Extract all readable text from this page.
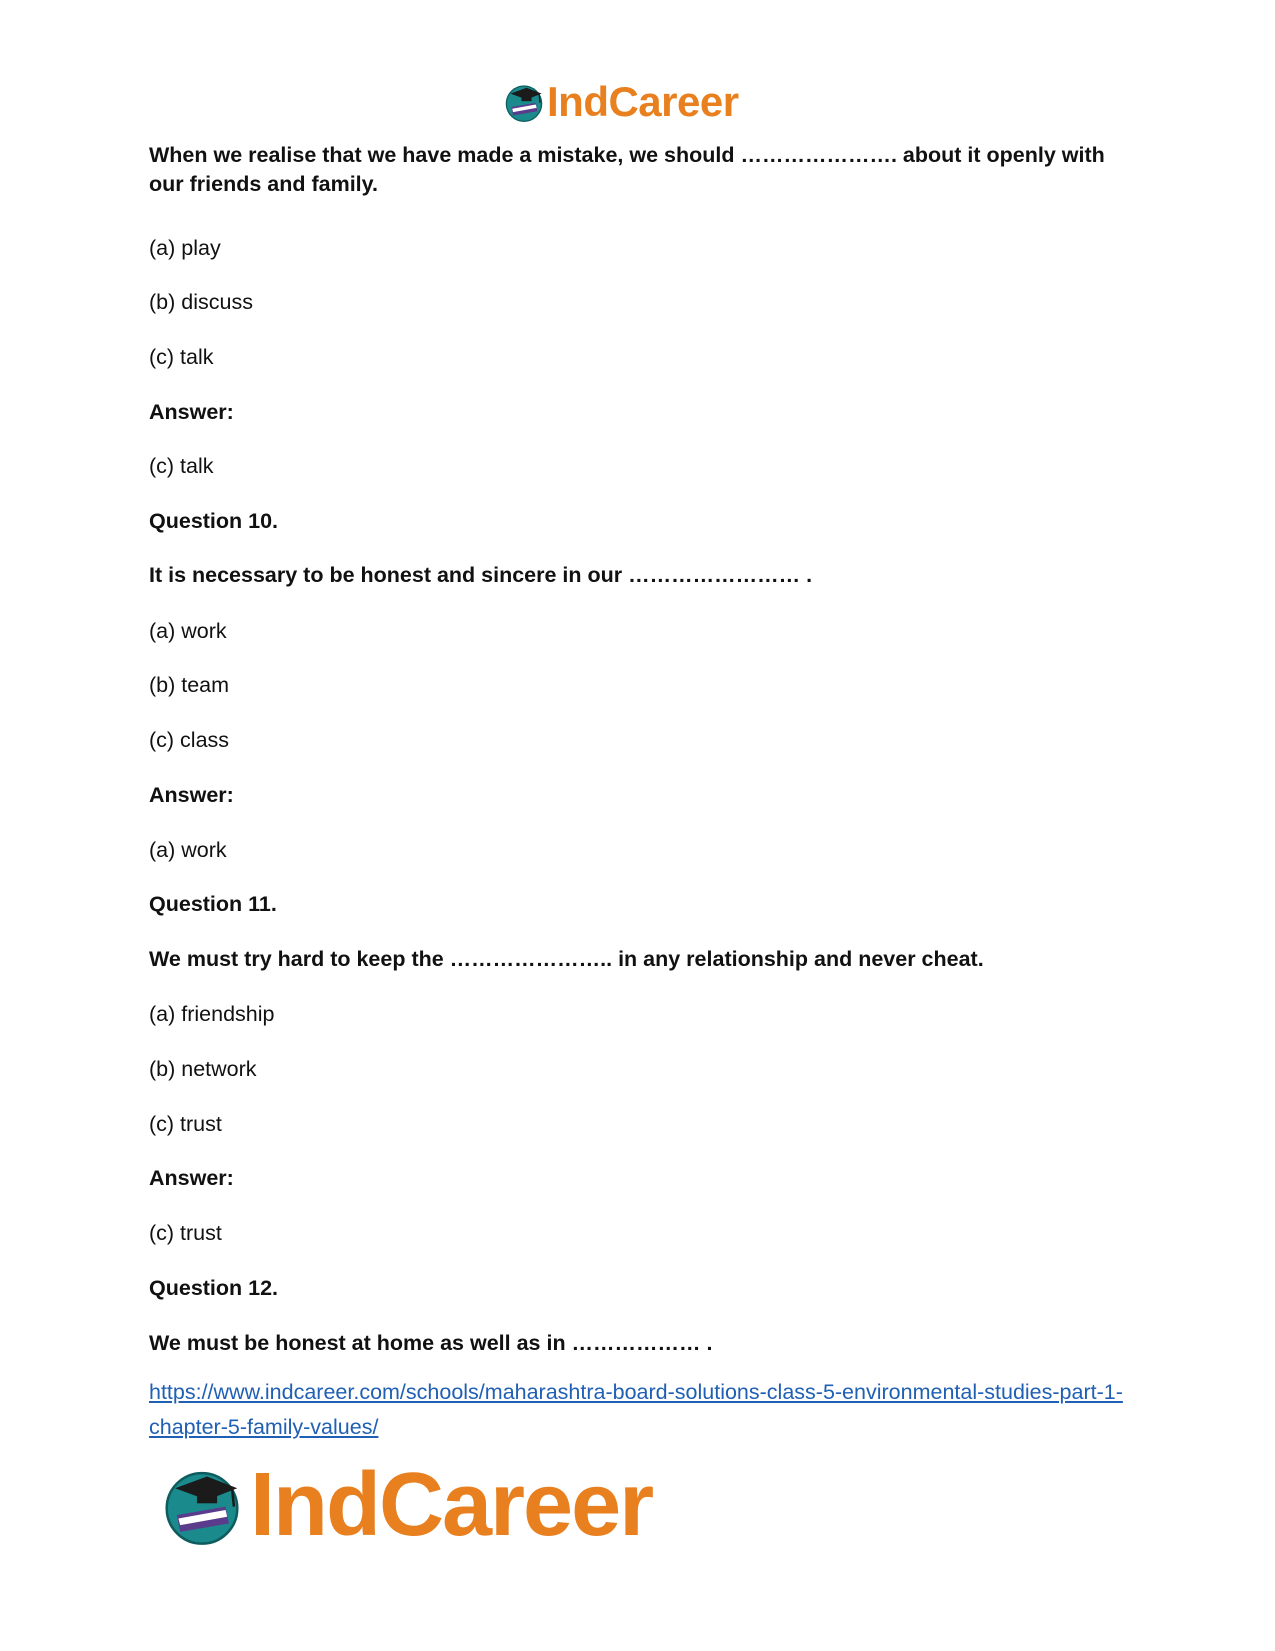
IndCareer
When we realise that we have made a mistake, we should …………………. about it openly with our friends and family.
(a) play
(b) discuss
(c) talk
Answer:
(c) talk
Question 10.
It is necessary to be honest and sincere in our …………………… .
(a) work
(b) team
(c) class
Answer:
(a) work
Question 11.
We must try hard to keep the ………………….. in any relationship and never cheat.
(a) friendship
(b) network
(c) trust
Answer:
(c) trust
Question 12.
We must be honest at home as well as in ……………… .
https://www.indcareer.com/schools/maharashtra-board-solutions-class-5-environmental-studies-part-1-chapter-5-family-values/
IndCareer
